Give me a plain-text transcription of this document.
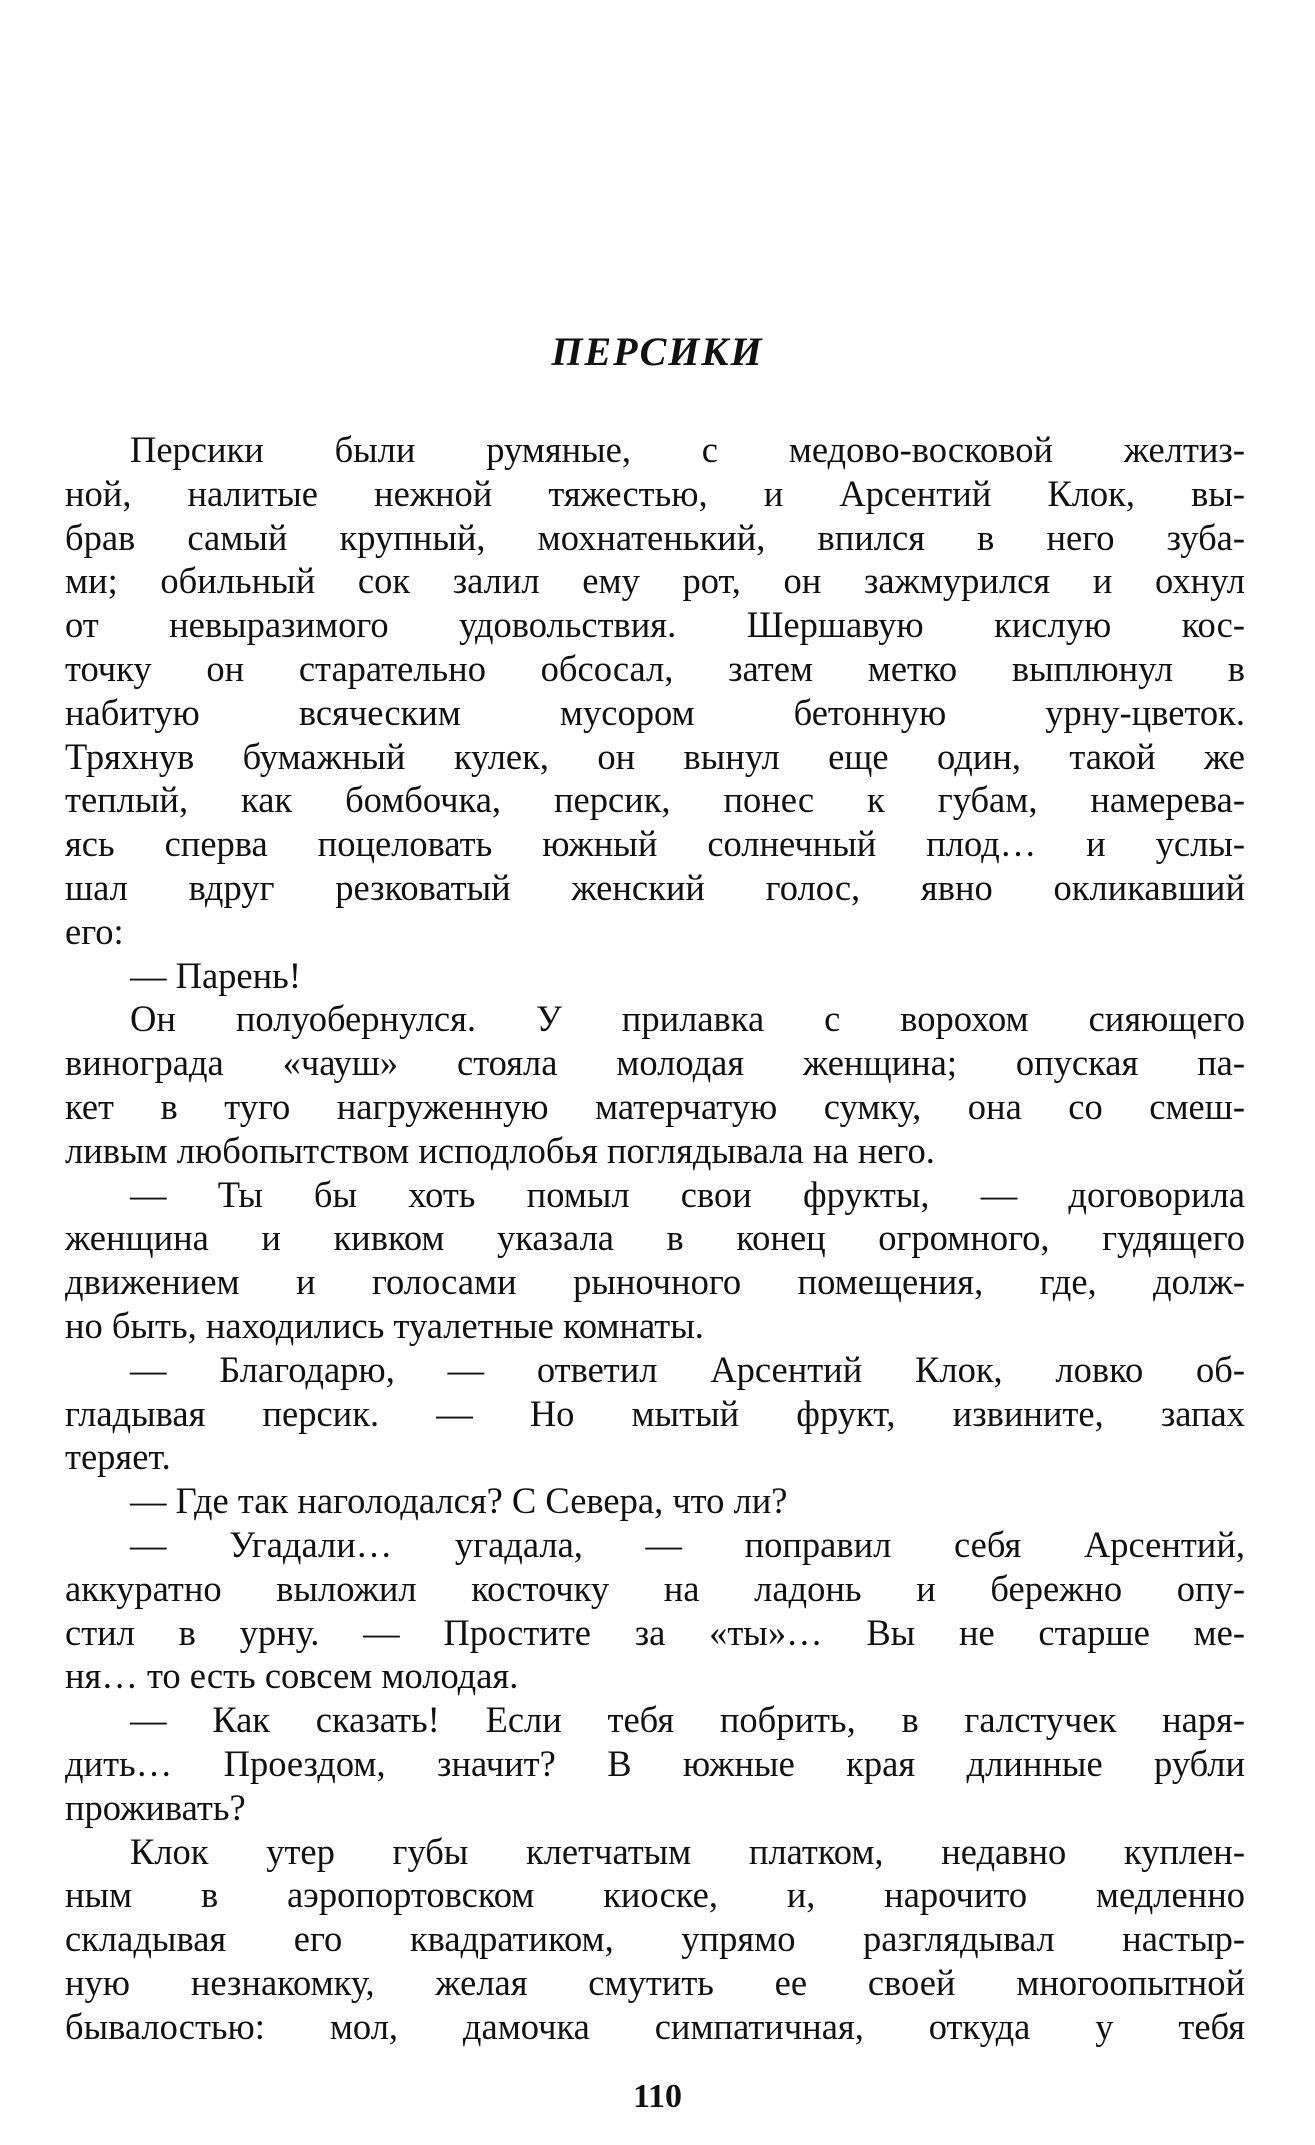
ПЕРСИКИ
Персики были румяные, с медово-восковой желтиз-
ной, налитые нежной тяжестью, и Арсентий Клок, вы-
брав самый крупный, мохнатенький, впился в него зуба-
ми; обильный сок залил ему рот, он зажмурился и охнул
от невыразимого удовольствия. Шершавую кислую кос-
точку он старательно обсосал, затем метко выплюнул в
набитую всяческим мусором бетонную урну-цветок.
Тряхнув бумажный кулек, он вынул еще один, такой же
теплый, как бомбочка, персик, понес к губам, намерева-
ясь сперва поцеловать южный солнечный плод… и услы-
шал вдруг резковатый женский голос, явно окликавший
его:
— Парень!
Он полуобернулся. У прилавка с ворохом сияющего
винограда «чауш» стояла молодая женщина; опуская па-
кет в туго нагруженную матерчатую сумку, она со смеш-
ливым любопытством исподлобья поглядывала на него.
— Ты бы хоть помыл свои фрукты, — договорила
женщина и кивком указала в конец огромного, гудящего
движением и голосами рыночного помещения, где, долж-
но быть, находились туалетные комнаты.
— Благодарю, — ответил Арсентий Клок, ловко об-
гладывая персик. — Но мытый фрукт, извините, запах
теряет.
— Где так наголодался? С Севера, что ли?
— Угадали… угадала, — поправил себя Арсентий,
аккуратно выложил косточку на ладонь и бережно опу-
стил в урну. — Простите за «ты»… Вы не старше ме-
ня… то есть совсем молодая.
— Как сказать! Если тебя побрить, в галстучек наря-
дить… Проездом, значит? В южные края длинные рубли
проживать?
Клок утер губы клетчатым платком, недавно куплен-
ным в аэропортовском киоске, и, нарочито медленно
складывая его квадратиком, упрямо разглядывал настыр-
ную незнакомку, желая смутить ее своей многоопытной
бывалостью: мол, дамочка симпатичная, откуда у тебя
110
